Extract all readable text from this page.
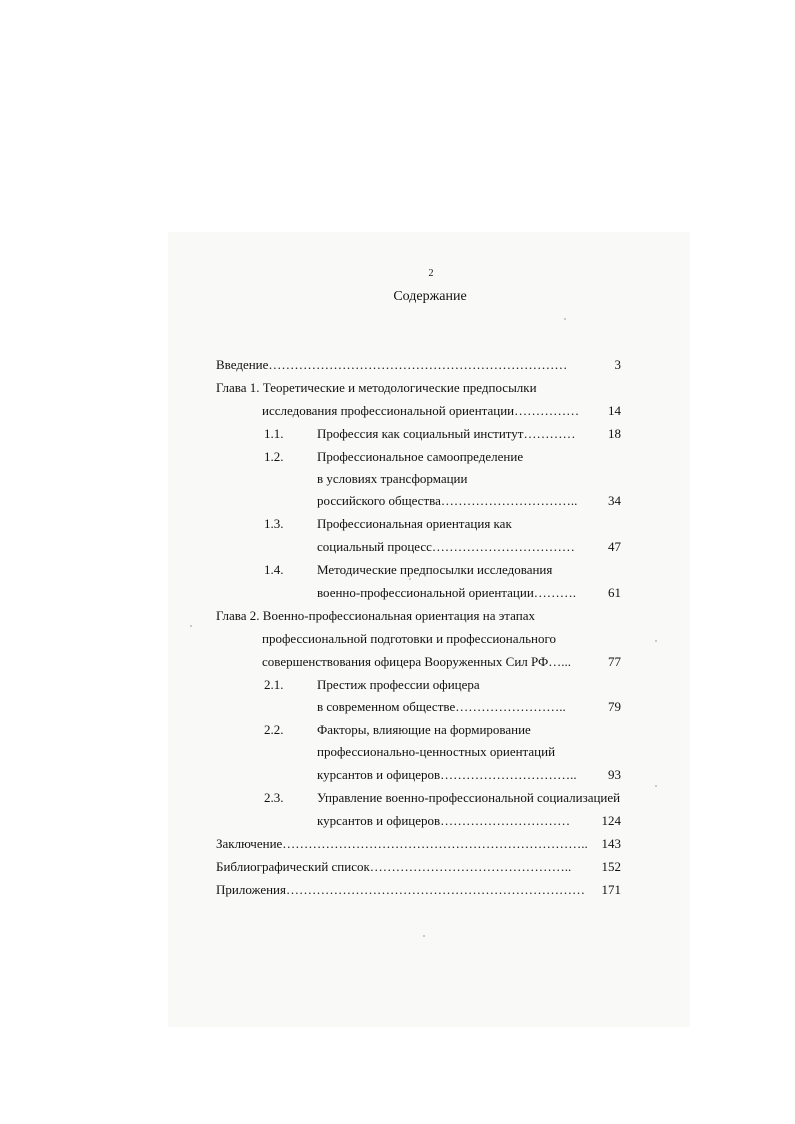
2
Содержание
Введение……………………………………………………………	3
Глава 1. Теоретические и методологические предпосылки
исследования профессиональной ориентации…………… 14
1.1.	Профессия как социальный институт…………	18
1.2.	Профессиональное самоопределение
в условиях трансформации
российского общества………………………….. 34
1.3.	Профессиональная ориентация как
социальный процесс……………………………	47
1.4.	Методические предпосылки исследования
военно-профессиональной ориентации………. 61
Глава 2. Военно-профессиональная ориентация на этапах
профессиональной подготовки и профессионального
совершенствования офицера Вооруженных Сил РФ…...	77
2.1.	Престиж профессии офицера
в современном обществе……………………..	79
2.2.	Факторы, влияющие на формирование
профессионально-ценностных ориентаций
курсантов и офицеров………………………….. 93
2.3.	Управление военно-профессиональной социализацией
курсантов и офицеров………………………… 124
Заключение…………………………………………………………….. 143
Библиографический список……………………………………….. 152
Приложения…………………………………………………………… 171
